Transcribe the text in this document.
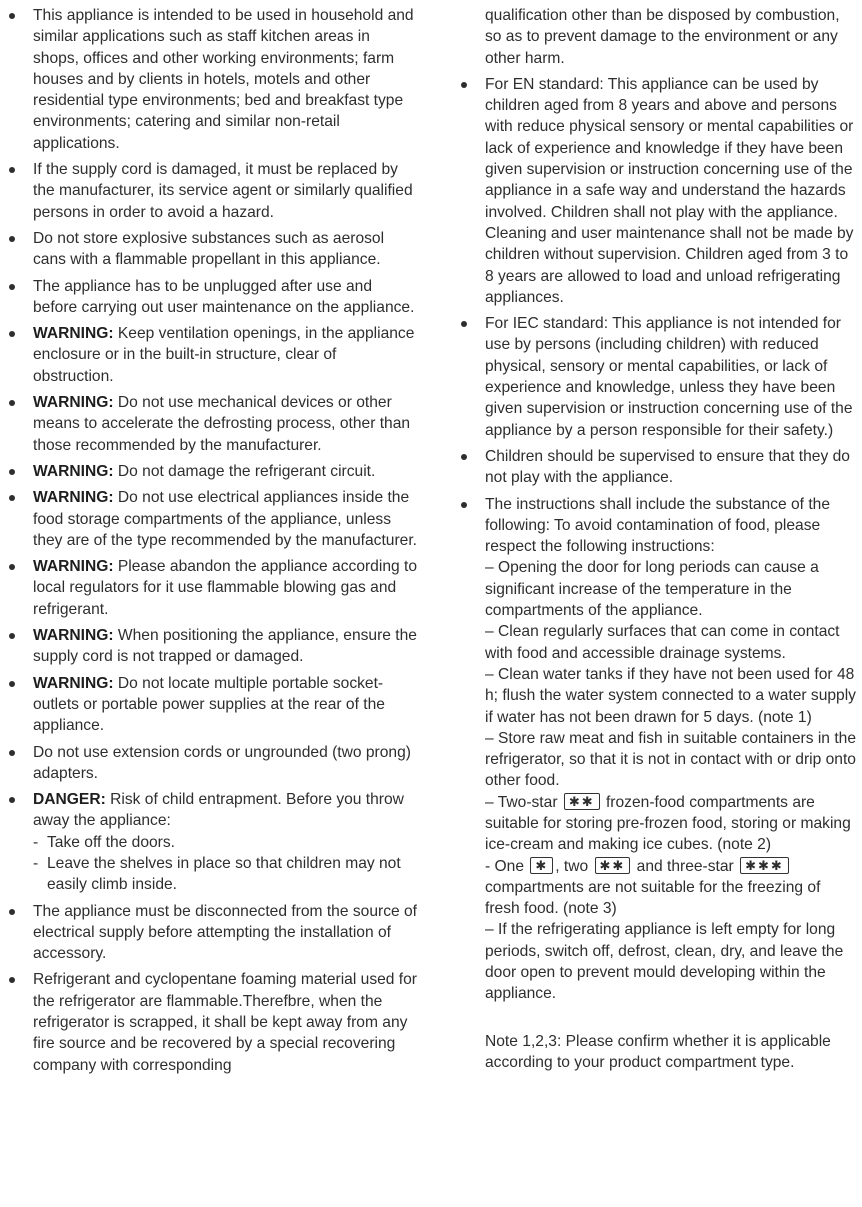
This appliance is intended to be used in household and similar applications such as staff kitchen areas in shops, offices and other working environments; farm houses and by clients in hotels, motels and other residential type environments; bed and breakfast type environments; catering and similar non-retail applications.
If the supply cord is damaged, it must be replaced by the manufacturer, its service agent or similarly qualified persons in order to avoid a hazard.
Do not store explosive substances such as aerosol cans with a flammable propellant in this appliance.
The appliance has to be unplugged after use and before carrying out user maintenance on the appliance.
WARNING: Keep ventilation openings, in the appliance enclosure or in the built-in structure, clear of obstruction.
WARNING: Do not use mechanical devices or other means to accelerate the defrosting process, other than those recommended by the manufacturer.
WARNING: Do not damage the refrigerant circuit.
WARNING: Do not use electrical appliances inside the food storage compartments of the appliance, unless they are of the type recommended by the manufacturer.
WARNING: Please abandon the appliance according to local regulators for it use flammable blowing gas and refrigerant.
WARNING: When positioning the appliance, ensure the supply cord is not trapped or damaged.
WARNING: Do not locate multiple portable socket-outlets or portable power supplies at the rear of the appliance.
Do not use extension cords or ungrounded (two prong) adapters.
DANGER: Risk of child entrapment. Before you throw away the appliance:
- Take off the doors.
- Leave the shelves in place so that children may not easily climb inside.
The appliance must be disconnected from the source of electrical supply before attempting the installation of accessory.
Refrigerant and cyclopentane foaming material used for the refrigerator are flammable.Therefbre, when the refrigerator is scrapped, it shall be kept away from any fire source and be recovered by a special recovering company with corresponding
qualification other than be disposed by combustion, so as to prevent damage to the environment or any other harm.
For EN standard: This appliance can be used by children aged from 8 years and above and persons with reduce physical sensory or mental capabilities or lack of experience and knowledge if they have been given supervision or instruction concerning use of the appliance in a safe way and understand the hazards involved. Children shall not play with the appliance. Cleaning and user maintenance shall not be made by children without supervision. Children aged from 3 to 8 years are allowed to load and unload refrigerating appliances.
For IEC standard: This appliance is not intended for use by persons (including children) with reduced physical, sensory or mental capabilities, or lack of experience and knowledge, unless they have been given supervision or instruction concerning use of the appliance by a person responsible for their safety.)
Children should be supervised to ensure that they do not play with the appliance.
The instructions shall include the substance of the following: To avoid contamination of food, please respect the following instructions:
– Opening the door for long periods can cause a significant increase of the temperature in the compartments of the appliance.
– Clean regularly surfaces that can come in contact with food and accessible drainage systems.
– Clean water tanks if they have not been used for 48 h; flush the water system connected to a water supply if water has not been drawn for 5 days. (note 1)
– Store raw meat and fish in suitable containers in the refrigerator, so that it is not in contact with or drip onto other food.
– Two-star ✱✱ frozen-food compartments are suitable for storing pre-frozen food, storing or making ice-cream and making ice cubes. (note 2)
- One ✱ , two ✱✱ and three-star ✱✱✱ compartments are not suitable for the freezing of fresh food. (note 3)
– If the refrigerating appliance is left empty for long periods, switch off, defrost, clean, dry, and leave the door open to prevent mould developing within the appliance.
Note 1,2,3: Please confirm whether it is applicable according to your product compartment type.
